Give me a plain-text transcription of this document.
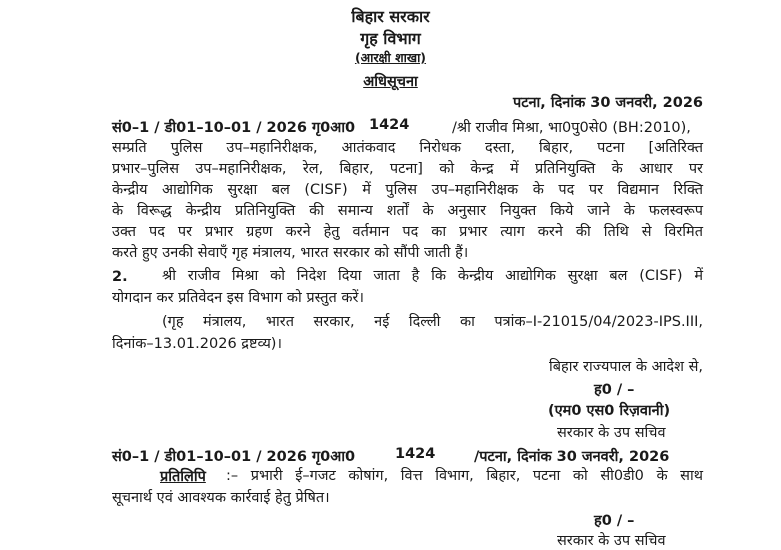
बिहार सरकार
गृह विभाग
(आरक्षी शाखा)
अधिसूचना
पटना, दिनांक 30 जनवरी, 2026
सं0–1 / डी01–10–01 / 2026 गृ0आ0 1424	/श्री राजीव मिश्रा, भा0पु0से0 (BH:2010),
सम्प्रति पुलिस उप–महानिरीक्षक, आतंकवाद निरोधक दस्ता, बिहार, पटना [अतिरिक्त
प्रभार–पुलिस उप–महानिरीक्षक, रेल, बिहार, पटना] को केन्द्र में प्रतिनियुक्ति के आधार पर
केन्द्रीय आद्योगिक सुरक्षा बल (CISF) में पुलिस उप–महानिरीक्षक के पद पर विद्यमान रिक्ति
के विरूद्ध केन्द्रीय प्रतिनियुक्ति की समान्य शर्तों के अनुसार नियुक्त किये जाने के फलस्वरूप
उक्त पद पर प्रभार ग्रहण करने हेतु वर्तमान पद का प्रभार त्याग करने की तिथि से विरमित
करते हुए उनकी सेवाएँ गृह मंत्रालय, भारत सरकार को सौंपी जाती हैं।
2. श्री राजीव मिश्रा को निदेश दिया जाता है कि केन्द्रीय आद्योगिक सुरक्षा बल (CISF) में
योगदान कर प्रतिवेदन इस विभाग को प्रस्तुत करें।
(गृह मंत्रालय, भारत सरकार, नई दिल्ली का पत्रांक–I-21015/04/2023-IPS.III,
दिनांक–13.01.2026 द्रष्टव्य)।
बिहार राज्यपाल के आदेश से,
ह0 / –
(एम0 एस0 रिज़वानी)
सरकार के उप सचिव
सं0–1 / डी01–10–01 / 2026 गृ0आ0	1424	/पटना, दिनांक 30 जनवरी, 2026
प्रतिलिपि :– प्रभारी ई–गजट कोषांग, वित्त विभाग, बिहार, पटना को सी0डी0 के साथ
सूचनार्थ एवं आवश्यक कार्रवाई हेतु प्रेषित।
ह0 / –
सरकार के उप सचिव
